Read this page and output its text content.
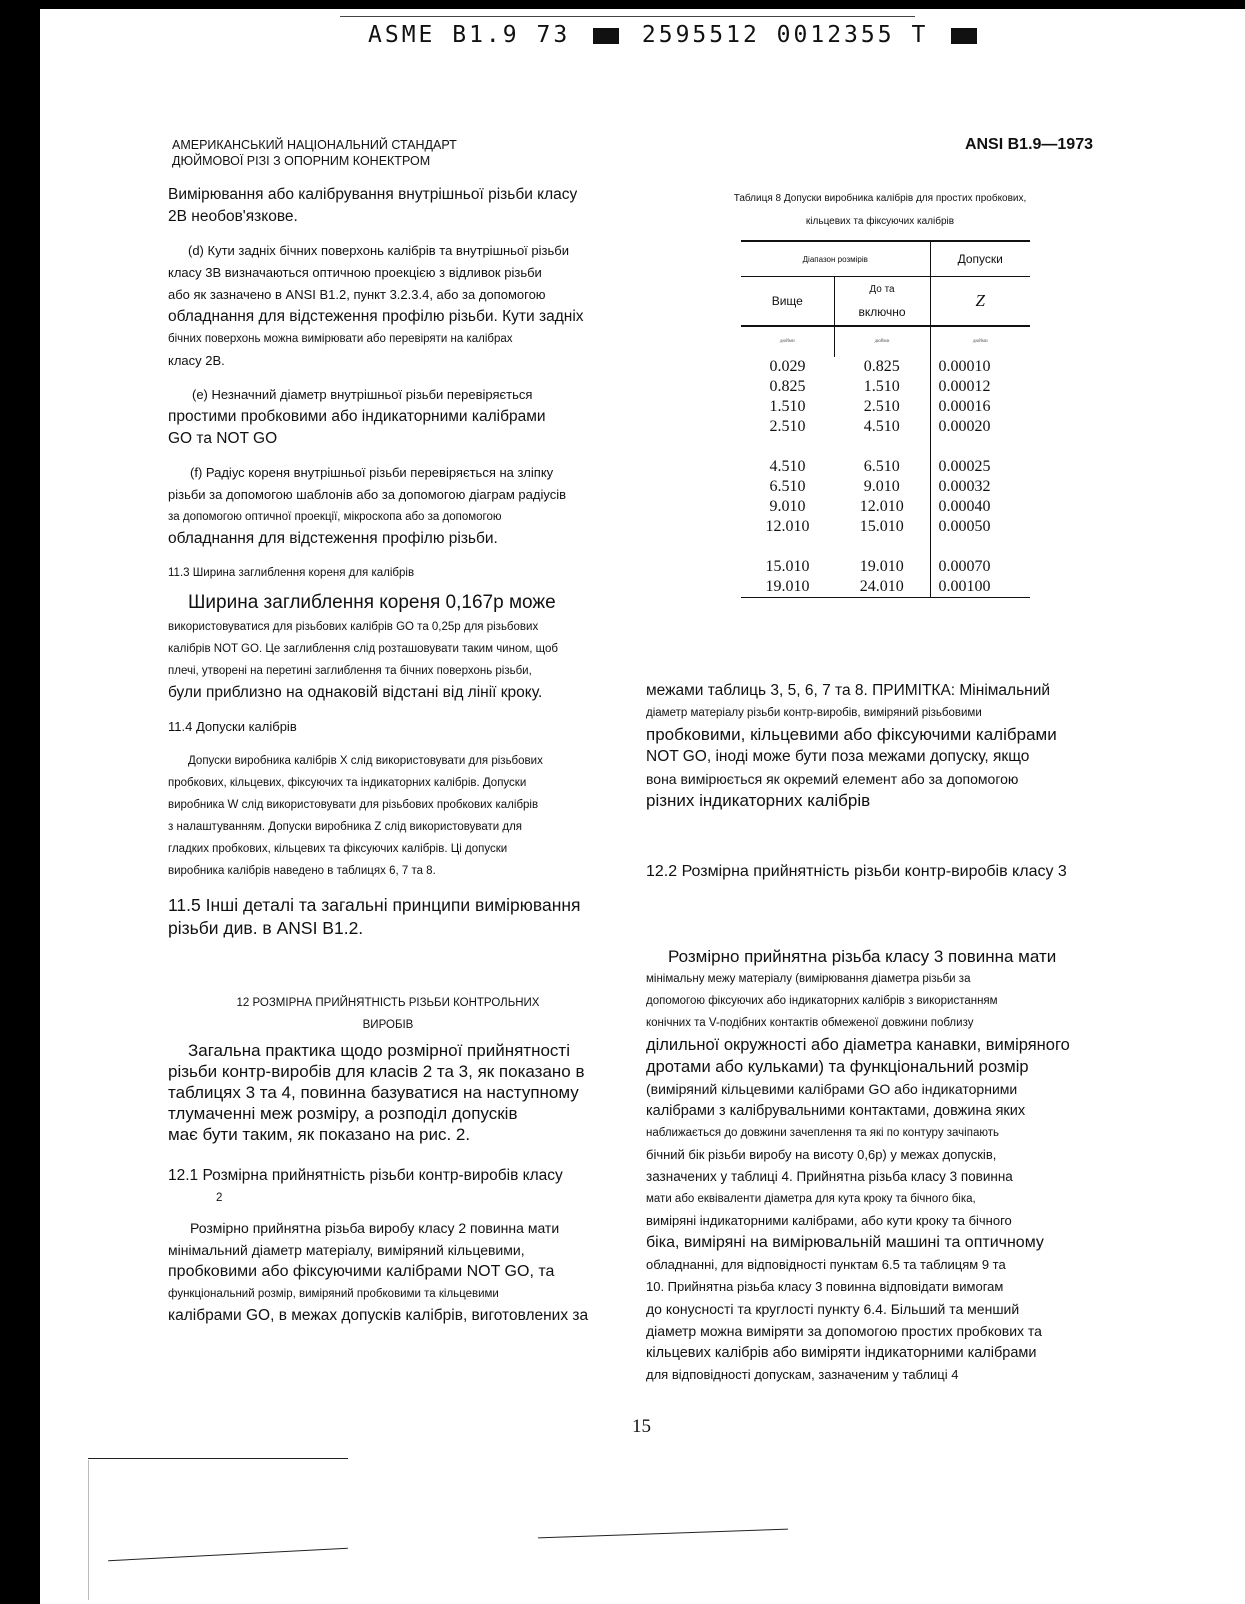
ASME B1.9 73	2595512 0012355 T
АМЕРИКАНСЬКИЙ НАЦІОНАЛЬНИЙ СТАНДАРТ
ДЮЙМОВОЇ РІЗІ З ОПОРНИМ КОНЕКТРОМ
ANSI B1.9—1973

Вимірювання або калібрування внутрішньої різьби класу
2B необов'язкове.

(d) Кути задніх бічних поверхонь калібрів та внутрішньої різьби
класу 3B визначаються оптичною проекцією з відливок різьби
або як зазначено в ANSI B1.2, пункт 3.2.3.4, або за допомогою
обладнання для відстеження профілю різьби. Кути задніх
бічних поверхонь можна вимірювати або перевіряти на калібрах
класу 2B.

(e) Незначний діаметр внутрішньої різьби перевіряється
простими пробковими або індикаторними калібрами
GO та NOT GO

(f) Радіус кореня внутрішньої різьби перевіряється на зліпку
різьби за допомогою шаблонів або за допомогою діаграм радіусів
за допомогою оптичної проекції, мікроскопа або за допомогою
обладнання для відстеження профілю різьби.

11.3 Ширина заглиблення кореня для калібрів

Ширина заглиблення кореня 0,167p може
використовуватися для різьбових калібрів GO та 0,25p для різьбових
калібрів NOT GO. Це заглиблення слід розташовувати таким чином, щоб
плечі, утворені на перетині заглиблення та бічних поверхонь різьби,
були приблизно на однаковій відстані від лінії кроку.

11.4 Допуски калібрів

Допуски виробника калібрів X слід використовувати для різьбових
пробкових, кільцевих, фіксуючих та індикаторних калібрів. Допуски
виробника W слід використовувати для різьбових пробкових калібрів
з налаштуванням. Допуски виробника Z слід використовувати для
гладких пробкових, кільцевих та фіксуючих калібрів. Ці допуски
виробника калібрів наведено в таблицях 6, 7 та 8.

11.5 Інші деталі та загальні принципи вимірювання
різьби див. в ANSI B1.2.

12 РОЗМІРНА ПРИЙНЯТНІСТЬ РІЗЬБИ КОНТРОЛЬНИХ
ВИРОБІВ

Загальна практика щодо розмірної прийнятності
різьби контр-виробів для класів 2 та 3, як показано в
таблицях 3 та 4, повинна базуватися на наступному
тлумаченні меж розміру, а розподіл допусків
має бути таким, як показано на рис. 2.

12.1 Розмірна прийнятність різьби контр-виробів класу
2

Розмірно прийнятна різьба виробу класу 2 повинна мати
мінімальний діаметр матеріалу, виміряний кільцевими,
пробковими або фіксуючими калібрами NOT GO, та
функціональний розмір, виміряний пробковими та кільцевими
калібрами GO, в межах допусків калібрів, виготовлених за

Таблиця 8 Допуски виробника калібрів для простих пробкових,
кільцевих та фіксуючих калібрів
Діапазон розмірів		Допуски
Вище	До та
включно	Z
дюйми	дюйми	дюйми
0.029	0.825	0.00010
0.825	1.510	0.00012
1.510	2.510	0.00016
2.510	4.510	0.00020

4.510	6.510	0.00025
6.510	9.010	0.00032
9.010	12.010	0.00040
12.010	15.010	0.00050

15.010	19.010	0.00070
19.010	24.010	0.00100

межами таблиць 3, 5, 6, 7 та 8. ПРИМІТКА: Мінімальний
діаметр матеріалу різьби контр-виробів, виміряний різьбовими
пробковими, кільцевими або фіксуючими калібрами
NOT GO, іноді може бути поза межами допуску, якщо
вона вимірюється як окремий елемент або за допомогою
різних індикаторних калібрів

12.2 Розмірна прийнятність різьби контр-виробів класу 3
Розмірно прийнятна різьба класу 3 повинна мати
мінімальну межу матеріалу (вимірювання діаметра різьби за
допомогою фіксуючих або індикаторних калібрів з використанням
конічних та V-подібних контактів обмеженої довжини поблизу
ділильної окружності або діаметра канавки, виміряного
дротами або кульками) та функціональний розмір
(виміряний кільцевими калібрами GO або індикаторними
калібрами з калібрувальними контактами, довжина яких
наближається до довжини зачеплення та які по контуру зачіпають
бічний бік різьби виробу на висоту 0,6p) у межах допусків,
зазначених у таблиці 4. Прийнятна різьба класу 3 повинна
мати або еквіваленти діаметра для кута кроку та бічного біка,
виміряні індикаторними калібрами, або кути кроку та бічного
біка, виміряні на вимірювальній машині та оптичному
обладнанні, для відповідності пунктам 6.5 та таблицям 9 та
10. Прийнятна різьба класу 3 повинна відповідати вимогам
до конусності та круглості пункту 6.4. Більший та менший
діаметр можна виміряти за допомогою простих пробкових та
кільцевих калібрів або виміряти індикаторними калібрами
для відповідності допускам, зазначеним у таблиці 4
15
